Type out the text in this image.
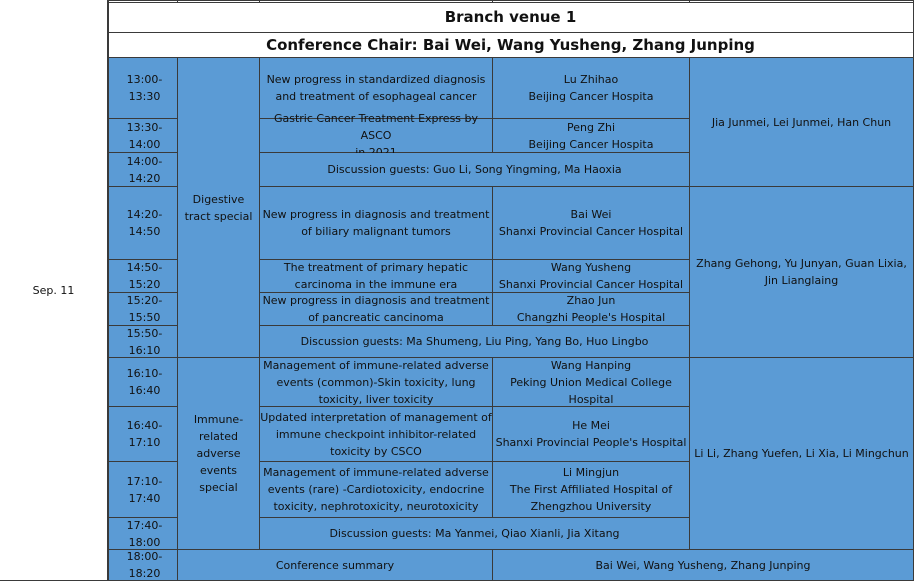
Sep. 11
Branch venue 1
Conference Chair: Bai Wei, Wang Yusheng, Zhang Junping
Digestive tract special
Immune-related adverse events special
Jia Junmei, Lei Junmei, Han Chun
Zhang Gehong, Yu Junyan, Guan Lixia,
Jin Lianglaing
Li Li, Zhang Yuefen, Li Xia, Li Mingchun
13:00-13:30
New progress in standardized diagnosis
and treatment of esophageal cancer
Lu Zhihao
Beijing Cancer Hospita
13:30-14:00
Gastric Cancer Treatment Express by ASCO
Peng Zhi
Beijing Cancer Hospita
14:00-14:20
Discussion guests: Guo Li, Song Yingming, Ma Haoxia
14:20-14:50
New progress in diagnosis and treatment
of biliary malignant tumors
Bai Wei
Shanxi Provincial Cancer Hospital
14:50-15:20
The treatment of primary hepatic
carcinoma in the immune era
Wang Yusheng
Shanxi Provincial Cancer Hospital
15:20-15:50
New progress in diagnosis and treatment
of pancreatic cancinoma
Zhao Jun
Changzhi People's Hospital
15:50-16:10
Discussion guests: Ma Shumeng, Liu Ping, Yang Bo, Huo Lingbo
16:10-16:40
Management of immune-related adverse
events (common)-Skin toxicity, lung
toxicity, liver toxicity
Wang Hanping
Peking Union Medical College
Hospital
16:40-17:10
Updated interpretation of management of
immune checkpoint inhibitor-related
toxicity by CSCO
He Mei
Shanxi Provincial People's Hospital
17:10-17:40
Management of immune-related adverse
events (rare) -Cardiotoxicity, endocrine
toxicity, nephrotoxicity, neurotoxicity
Li Mingjun
The First Affiliated Hospital of
Zhengzhou University
17:40-18:00
Discussion guests: Ma Yanmei, Qiao Xianli, Jia Xitang
18:00-18:20
Conference summary	Bai Wei, Wang Yusheng, Zhang Junping
